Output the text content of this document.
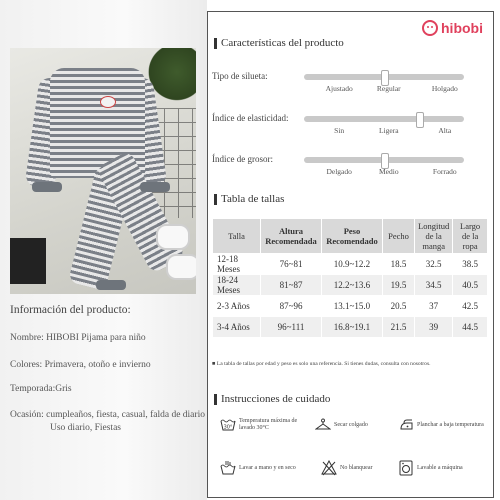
Información del producto:
Nombre: HIBOBI Pijama para niño
Colores: Primavera, otoño e invierno
Temporada:Gris
Ocasión: cumpleaños, fiesta, casual, falda de diario
Uso diario, Fiestas
hibobi
Características del producto
Tipo de silueta:
Ajustado	Regular	Holgado
Índice de elasticidad:
Sin	Ligera	Alta
Índice de grosor:
Delgado	Medio	Forrado
Tabla de tallas
Talla	Altura Recomendada	Peso Recomendado	Pecho	Longitud de la manga	Largo de la ropa
12-18 Meses	76~81	10.9~12.2	18.5	32.5	38.5
18-24 Meses	81~87	12.2~13.6	19.5	34.5	40.5
2-3 Años	87~96	13.1~15.0	20.5	37	42.5
3-4 Años	96~111	16.8~19.1	21.5	39	44.5
■ La tabla de tallas por edad y peso es solo una referencia. Si tienes dudas, consulta con nosotros.
Instrucciones de cuidado
30°
Temperatura máxima de lavado 30°C
Secar colgado	Planchar a baja temperatura
Lavar a mano y en seco	No blanquear	Lavable a máquina
